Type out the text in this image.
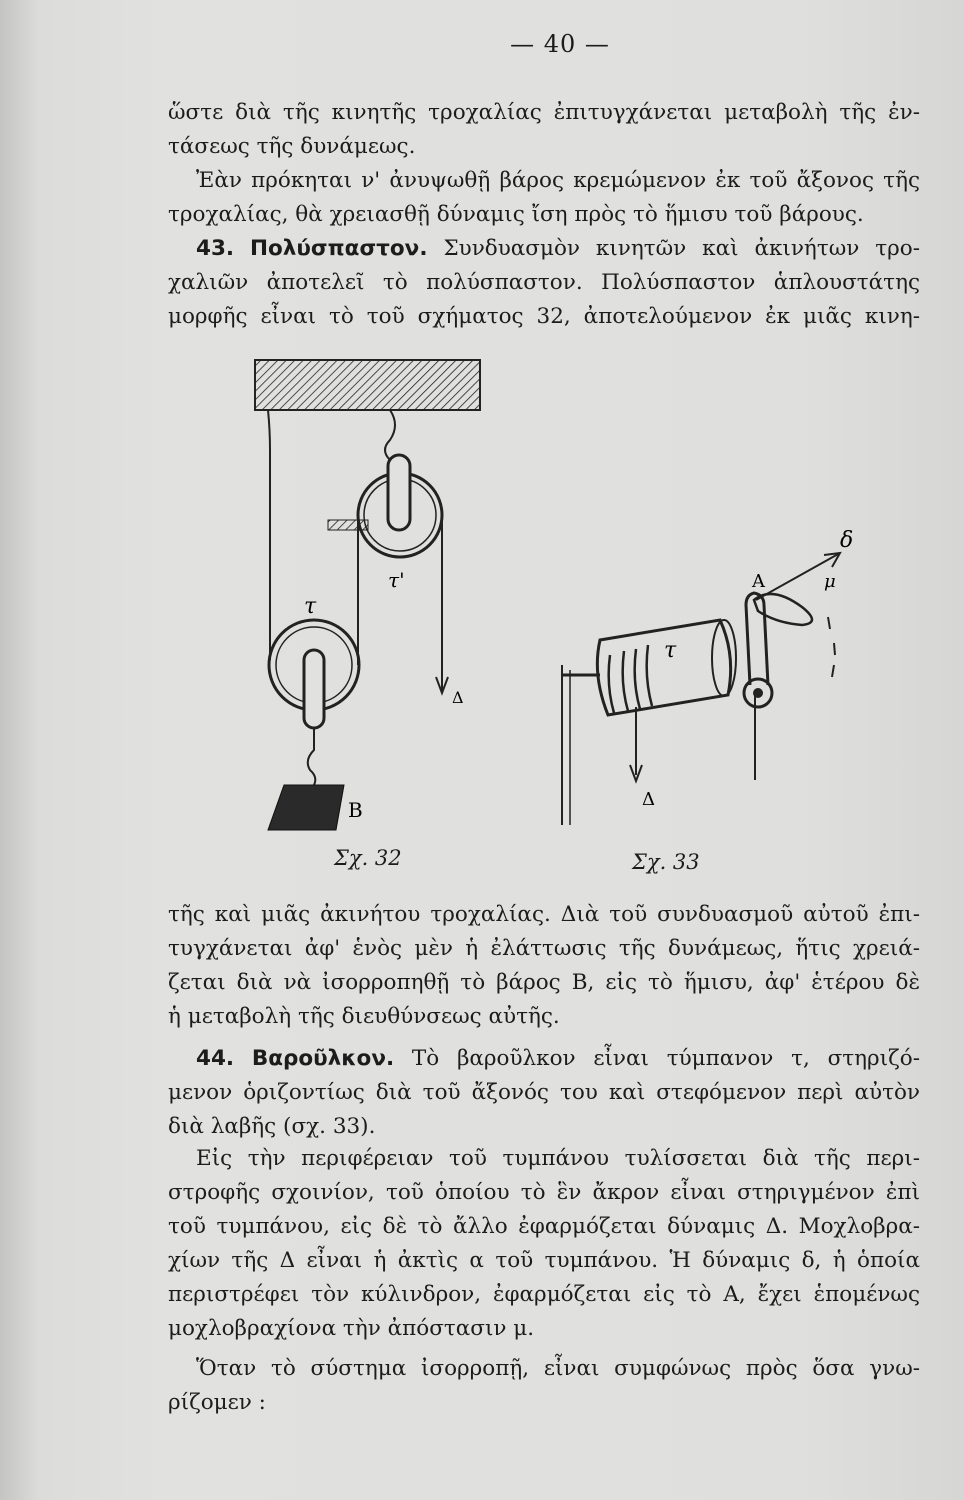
— 40 —
ὥστε διὰ τῆς κινητῆς τροχαλίας ἐπιτυγχάνεται μεταβολὴ τῆς ἐν-
τάσεως τῆς δυνάμεως.
Ἐὰν πρόκηται ν' ἀνυψωθῇ βάρος κρεμώμενον ἐκ τοῦ ἄξονος τῆς
τροχαλίας, θὰ χρειασθῇ δύναμις ἴση πρὸς τὸ ἥμισυ τοῦ βάρους.
43. Πολύσπαστον. Συνδυασμὸν κινητῶν καὶ ἀκινήτων τρο-
χαλιῶν ἀποτελεῖ τὸ πολύσπαστον. Πολύσπαστον ἁπλουστάτης
μορφῆς εἶναι τὸ τοῦ σχήματος 32, ἀποτελούμενον ἐκ μιᾶς κινη-
τ'
τ
Δ
Β
Σχ. 32
τ
Δ
Α
δ
μ
Σχ. 33
τῆς καὶ μιᾶς ἀκινήτου τροχαλίας. Διὰ τοῦ συνδυασμοῦ αὐτοῦ ἐπι-
τυγχάνεται ἀφ' ἑνὸς μὲν ἡ ἐλάττωσις τῆς δυνάμεως, ἥτις χρειά-
ζεται διὰ νὰ ἰσορροπηθῇ τὸ βάρος Β, εἰς τὸ ἥμισυ, ἀφ' ἑτέρου δὲ
ἡ μεταβολὴ τῆς διευθύνσεως αὐτῆς.
44. Βαροῦλκον. Τὸ βαροῦλκον εἶναι τύμπανον τ, στηριζό-
μενον ὁριζοντίως διὰ τοῦ ἄξονός του καὶ στεφόμενον περὶ αὐτὸν
διὰ λαβῆς (σχ. 33).
Εἰς τὴν περιφέρειαν τοῦ τυμπάνου τυλίσσεται διὰ τῆς περι-
στροφῆς σχοινίον, τοῦ ὁποίου τὸ ἓν ἄκρον εἶναι στηριγμένον ἐπὶ
τοῦ τυμπάνου, εἰς δὲ τὸ ἄλλο ἐφαρμόζεται δύναμις Δ. Μοχλοβρα-
χίων τῆς Δ εἶναι ἡ ἀκτὶς α τοῦ τυμπάνου. Ἡ δύναμις δ, ἡ ὁποία
περιστρέφει τὸν κύλινδρον, ἐφαρμόζεται εἰς τὸ Α, ἔχει ἑπομένως
μοχλοβραχίονα τὴν ἀπόστασιν μ.
Ὅταν τὸ σύστημα ἰσορροπῇ, εἶναι συμφώνως πρὸς ὅσα γνω-
ρίζομεν :
